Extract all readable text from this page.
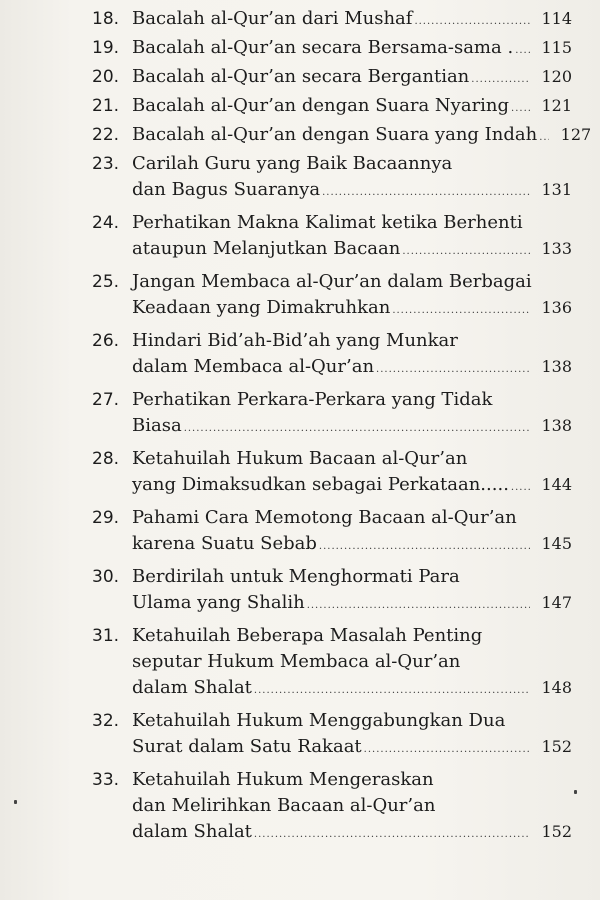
18. Bacalah al-Qur’an dari Mushaf .....	114
19. Bacalah al-Qur’an secara Bersama-sama . .....	115
20. Bacalah al-Qur’an secara Bergantian .....	120
21. Bacalah al-Qur’an dengan Suara Nyaring .....	121
22. Bacalah al-Qur’an dengan Suara yang Indah .....	127
23. Carilah Guru yang Baik Bacaannya
dan Bagus Suaranya .....	131
24. Perhatikan Makna Kalimat ketika Berhenti
ataupun Melanjutkan Bacaan .....	133
25. Jangan Membaca al-Qur’an dalam Berbagai
Keadaan yang Dimakruhkan .....	136
26. Hindari Bid’ah-Bid’ah yang Munkar
dalam Membaca al-Qur’an .....	138
27. Perhatikan Perkara-Perkara yang Tidak
Biasa .....	138
28. Ketahuilah Hukum Bacaan al-Qur’an
yang Dimaksudkan sebagai Perkataan..... .....	144
29. Pahami Cara Memotong Bacaan al-Qur’an
karena Suatu Sebab .....	145
30. Berdirilah untuk Menghormati Para
Ulama yang Shalih .....	147
31. Ketahuilah Beberapa Masalah Penting
seputar Hukum Membaca al-Qur’an
dalam Shalat .....	148
32. Ketahuilah Hukum Menggabungkan Dua
Surat dalam Satu Rakaat .....	152
33. Ketahuilah Hukum Mengeraskan
dan Melirihkan Bacaan al-Qur’an
dalam Shalat .....	152
